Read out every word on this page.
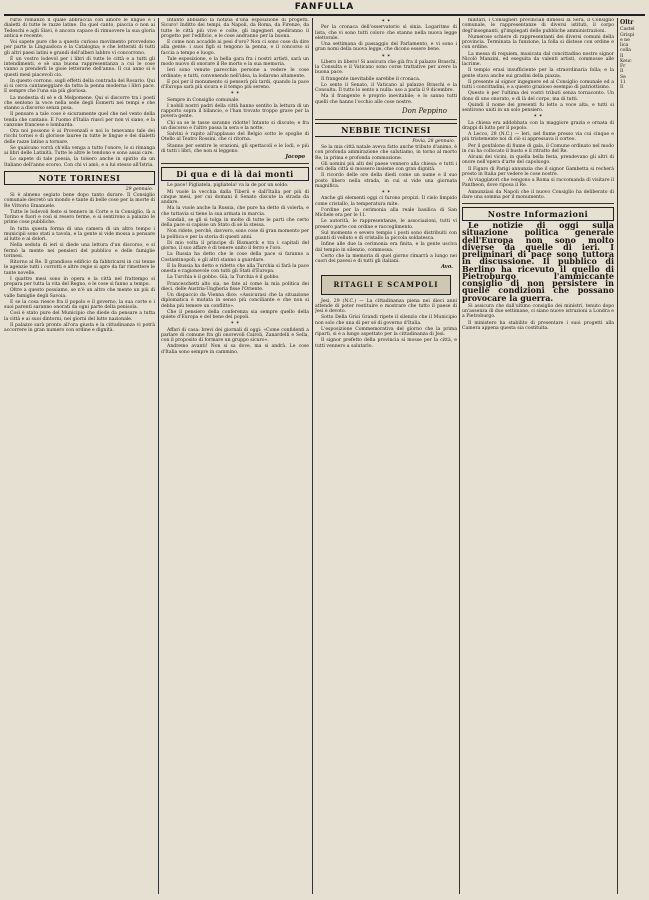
FANFULLA

rurio romanzo il quale abbraccia con amore le lingue e i dialetti di tutte le razze latine. Da quel canto, piaccia o non ai Tedeschi e agli Slavi, è ancora capace di rimuovere la sua gloria antica e recente.

Voi sapete pure che a questo curioso movimento provvedono per parte la Linguadoca e la Catalogna; e che letterati di tutti gli altri paesi latini e grandi dell'alberi labbro vi concorrono.

È un vostro lodevol per i libri di tutte le città e a tutti gli intendimenti, e sè una buona rappresentanza a cui le cose vanno a prenderli le gioie letterarie dell'anno. Il cui anno si è questi mesi piacevoli cio.

In questo corrono, sugli effetti della contrada del Rosario. Qui si si cerca cantaneggiare da tutta la penna moderna i libri pace. E sempre che l'una sia più gloriosa.

La modestia di sè e di Melpomene. Qui si discorre tra i poeti che sentono la voce nella sede degli Esmerti nei tempi e che stanno a discorso senza posa.

Il pensare a tale cose è sicuramente quel che nel vento della tenda che cantano. E l'uomo d'Italia riuscì per non vi siano, e la canzone francese e lombarda.

Ora noi possono è ai Provenzali e noi lo tenevamo tale dei ricchi tornei e di gloriose lauree in tutte le lingue e dei dialetti delle razze latine a tornare.

Se qualcuno vorrà ch'ella venga a tutto l'onore, lo si rimanga ai libri delle Latinità. Tutte le altre le tendono e sono assai care.

Lo sapete di tale poesia, la tolsero anche in spirito da un Italiano dell'anno scorso. Con chi vi amò, e a lui stesso all'Istria.

NOTE TORINESI
29 gennaio.

Si è almeno segiato bene dopo tanto durare. Il Consiglio comunale decretò un mondo e tante di belle cose per la morte di Re Vittorio Emanuele.

Tutte le lodevoli feste si tennero in Corte e in Consiglio, là a Torino e fuori e così si resero ferme, e si sentirono a palazzo le prime cose pubbliche.

In tutta questa forma di una camera di un altro tempo i municipii sono stati a tavola, e la gente si vide mossa a pensare al lutto e ai dolori.

Nella seduta di ieri si diede una lettura d'un discorso, e si fermò la mente nei pensieri del pubblico e delle famiglie torinesi.

Ritorno al Re. Il grandioso edificio da fabbricarsi in cui tenne le agenzie tutti i corrotti e altre regie si apre da far rimettere le tante novelle.

I quattro mesi sono in opera e la città nel frattempo si prepara per tutta la vita del Regno, e le cose si fanno a tempo.

Oltre a questo possiamo, se n'è un altro che mente un più di valle famiglie degli Savoia.

E se la cosa riesce fra il popolo e il governo, la sua corte e i suoi parenti saranno onorati da ogni parte della penisola.

Così è stato pure del Municipio che diede da pensare a tutta la città e ai suoi dintorni, nei giorni del lutto nazionale.

Il palazzo sarà pronto all'ora giusta e la cittadinanza vi potrà accorrere in gran numero con ordine e dignità.

Intanto abbiamo la notizia d'una esposizione di progetti. Sicuro! Inditto dei tempi, da Napoli, da Roma, da Firenze, da tutte le città più vive e colte, gli ingegneri spediranno il progetto per l'edificio, e le cose andranno per la buona.

E come non accadde ai pesi d'oro? Non ci sono cose da dire alla gente: i suoi figli si tengono la penna, e il concorso si faccia a tempo e luogo.

Tale esposizione, e la bella gara fra i nostri artisti, sarà un modo nuovo di onorare il Re morto e la sua memoria.

Ieri sono venute parecchie persone a vedere le cose ordinate; e tutti, convenendo nell'idea, la lodarono altamente.

E poi per il monumento si penserà più tardi, quando la pace d'Europa sarà più sicura e il tempo più sereno.

✶ ✶

Sempre in Consiglio comunale.

I nobili nostri padri della città hanno sentito la lettura di un rapporto sopra il bilancio, e l'han trovato troppo grave per la povera gente.

Chi sa se le tasse saranno ridotte! Intanto si discute; e fra un discorso e l'altro passa la sera e la notte.

Salvini è rapito all'applauso del Belgio sotto le spoglie di Otello al Teatro Rossini, che ci ritorna.

Stanno per sentire le orazioni, gli spettacoli e le lodi, e più di tutti i libri, che non si leggono.

Jacopo
Di qua e di là dai monti

Le pace! Pigliatela, pigliatela! va la de por un soldo.

Mi vuole la vecchia dalla Tiberii e dall'Italia per più di cinque mesi, per cui domani il Senato discute la strada da andare.

Ma la vuole anche la Russia, che pure ha detto di volerla, e che tuttavia si tiene la sua armata in marcia.

Sandali, se gli si tolga in molte di tutte le parti che certo della pace si capisse un Stato di sé la stessa.

Non ridete, perchè, davvero, sono cose di gran momento per la politica e per la storia di questi anni.

Di mio volta il principe di Bismarck e tra i capitali del giorno, il suo affare è di tenere unito il ferro e l'oro.

La Russia ha detto che le cose della pace si faranno a Costantinopoli, e gli altri stanno a guardare.

E la Russia ha detto e ridetto che alla Turchia si farà la pace onesta e ragionevole con tutti gli Stati d'Europa.

La Turchia è il gobbo. Già, la Turchia è il gobbo.

Franceschetti alto sia, ne fate al come la mia politica dei dieci, delle Austria-Ungheria fisse l'Oriente.

Un dispaccio da Vienna dice: «Assicurasi che la situazione diplomatica è mutata in senso più conciliante e che non si debba più temere un conflitto».

Che il pensiero della conferenza sia sempre quello della quiete d'Europa e del bene dei popoli.

✶ ✶

Affari di casa: brevi dei giornali di oggi: «Come confidenti a parlare di comune fra gli onorevoli Cairoli, Zanardelli e Sella, con il proposito di formare un gruppo sicuro».

Andremo avanti! Non si sa dove, ma si andrà. Le cose d'Italia sono sempre in cammino.

✶ ✶

Per la cronaca dell'osservatorio sì sinia. Logaritmo di lista, che vi sono tutti coloro che stanno nella nuova legge elettorale.

Una settimana di passaggio del Parlamento, e vi sono i gran nomi della nuova legge, che dicono essere bene.

✶ ✶

Libero in libero! Si assicura che già fra il palazzo Braschi, la Consulta e il Vaticano sono corse trattative per avere la buona pace.

Il frangente inevitabile sarebbe il cronaca.

Lo sento il Senato, il Vaticano al palazzo Braschi e la Consulta. Il tutto lo sento a nulla: uso a parla il 9 dicembre.

Ma il frangente è proprio inevitabile; e lo sanno tutti quelli che hanno l'occhio alle cose nostre.

Don Peppino
NEBBIE TICINESI
Pavia, 28 gennaio.

Se la mia città natale aveva fatto anche tributo d'animo, è con profonda ammirazione che salutiamo, in torno al morto Re, la prima e profonda commozione.

Gli uomini più alti del paese vennero alla chiesa: e tutti i ceti della città si mossero insieme con gran dignità.

Il ricordo delle ore della diedi come un nume e il suo posto libero nella strada, in cui si vide una giornata magnifica.

✶ ✶

Anche gli elementi oggi ci furono propizi. Il cielo limpido come cristallo, la temperatura mite.

I'ordine per la cerimonia alla reale basilica di San Michele era per le 11.

Le autorità, le rappresentanze, le associazioni, tutti vi presero parte con ordine e raccoglimento.

Sul momento e severo tempio i posti sono distribuiti con guanti di velluto e di cristallo la piccola soldatesca.

Infine alle due la cerimonia era finita, e la gente usciva dal tempio in silenzio, commossa.

Certo che la memoria di quel giorno rimarrà a lungo nei cuori dei pavesi e di tutti gli italiani.

Avo.
RITAGLI E SCAMPOLI

Jesi, 29 (N.C.) — La cittadinanza piena nei dieci anni attende di poter restituire e mostrare che tutto il paese di Jesi è devoto.

Sotto Della Grisi Grandi ripete il silenzio che il Municipio non solo che una di per sé di governo d'Italia.

L'esposizione Commemorativa del giorno che la prima ripartì, si è a lungo aspettato per la cittadinanza di Jesi.

Il signor prefetto della provincia si mosse per la città, e tutti vennero a salutarlo.

militari, i Consiglieri provinciali dimessi la Sera, il Consiglio comunale, le rappresentanze di diversi istituti, il corpo degl'insegnanti, gl'impiegati delle pubbliche amministrazioni.

Numerose schiere di rappresentanti dei diversi comuni della provincia. Terminata la funzione, la folla si distese con ordine e con ordine.

La messa di requiem, musicata dal concittadino nostro signor Nicolò Manzini, ed eseguita da valenti artisti, commosse alle lacrime.

Il tempio erasi insufficiente per la straordinaria folla; e la gente stava anche sui gradini della piazza.

Il presente al signor ingegnere ed al Consiglio comunale ed a tutti i concittadini, e a questo grazioso esempio di patriottismo.

Questo è per l'ultima dei vostri tributi senza tornaconto. Un dono di uno onorato, e di là del corpo, ma di tutti.

Quindi il nome dei presenti fu letto a voce alta, e tutti si sentirono uniti in un solo pensiero.

✶ ✶

La chiesa era addobbata con la maggiore grazia e ornata di drappi di lutto per il popolo.

A Lecco, 28 (N.C.) — Ieri, nel fiume presso via cui cinque e più tristemente noi di ciò si appressava il corteo.

Per il gonfalone di fiume di gala, il Comune ordinato nel modo in cui ha collocato il busto e il ritratto del Re.

Alcuni dei vicini, in quella bella festa, prendevano gli altri di onore nell'opera d'arte del capoluogo.

Il Figaro di Parigi annunzia che il signor Gambetta si recherà presto in Italia per vedere le cose nostre.

Ai viaggiatori che vengono a Roma si raccomanda di visitare il Pantheon, dove riposa il Re.

Annunziasi da Napoli che il nuovo Consiglio ha deliberato di dare una somma per il monumento.

Nostre Informazioni

Le notizie di oggi sulla situazione politica generale dell'Europa non sono molto diverse da quelle di ieri. I preliminari di pace sono tuttora in discussione. Il pubblico di Berlino ha ricevuto il quello di Pietroburgo l'ammiccante consiglio di non persistere in quelle condizioni che possano provocare la guerra.

Si assicura che dall'ultimo consiglio dei ministri, tenuto dopo un'assenza di due settimane, ci siano nuove istruzioni a Londra e a Pietroburgo.

Il ministero ha stabilito di presentare i suoi progetti alla Camera appena questa sia costituita.

Oltr
Castel
Grispi
e ne
lica
colla
Il
Keuc
Fr
Il
Se
11
Il
